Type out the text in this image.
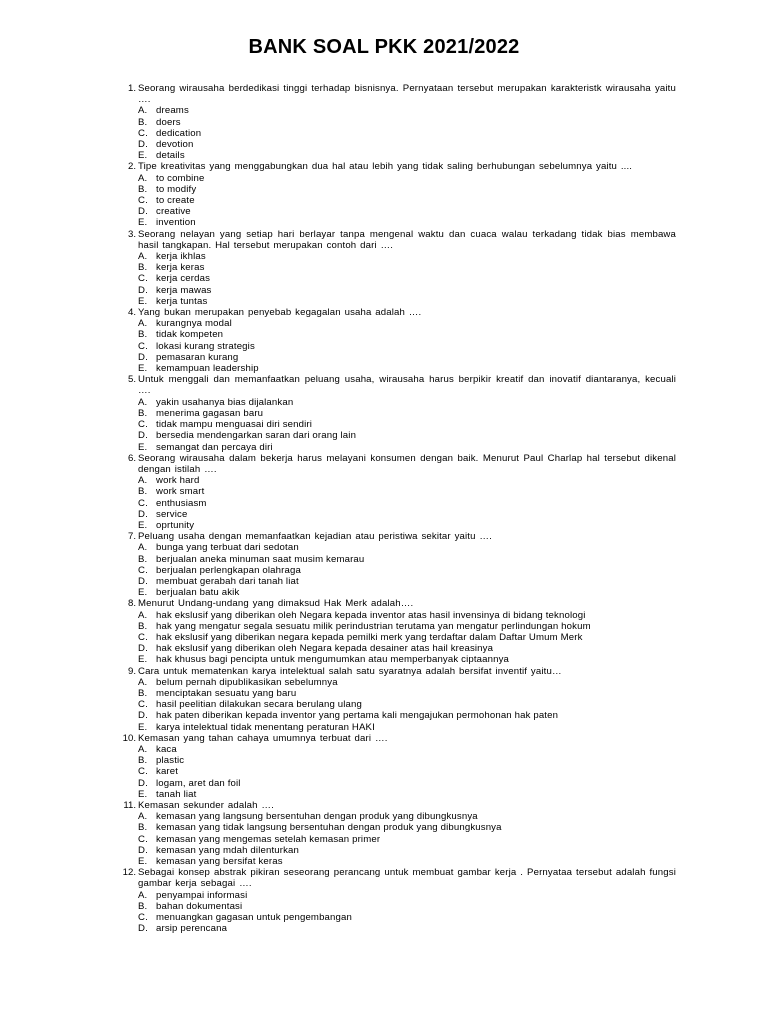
BANK SOAL PKK 2021/2022
1. Seorang wirausaha berdedikasi tinggi terhadap bisnisnya. Pernyataan tersebut merupakan karakteristk wirausaha yaitu ….
A. dreams
B. doers
C. dedication
D. devotion
E. details
2. Tipe kreativitas yang menggabungkan dua hal atau lebih yang tidak saling berhubungan sebelumnya yaitu ....
A. to combine
B. to modify
C. to create
D. creative
E. invention
3. Seorang nelayan yang setiap hari berlayar tanpa mengenal waktu dan cuaca walau terkadang tidak bias membawa hasil tangkapan. Hal tersebut merupakan contoh dari ….
A. kerja ikhlas
B. kerja keras
C. kerja cerdas
D. kerja mawas
E. kerja tuntas
4. Yang bukan merupakan penyebab kegagalan usaha adalah ….
A. kurangnya modal
B. tidak kompeten
C. lokasi kurang strategis
D. pemasaran kurang
E. kemampuan leadership
5. Untuk menggali dan memanfaatkan peluang usaha, wirausaha harus berpikir kreatif dan inovatif diantaranya, kecuali ….
A. yakin usahanya bias dijalankan
B. menerima gagasan baru
C. tidak mampu menguasai diri sendiri
D. bersedia mendengarkan saran dari orang lain
E. semangat dan percaya diri
6. Seorang wirausaha dalam bekerja harus melayani konsumen dengan baik. Menurut Paul Charlap hal tersebut dikenal dengan istilah ….
A. work hard
B. work smart
C. enthusiasm
D. service
E. oprtunity
7. Peluang usaha dengan memanfaatkan kejadian atau peristiwa sekitar yaitu ….
A. bunga yang terbuat dari sedotan
B. berjualan aneka minuman saat musim kemarau
C. berjualan perlengkapan olahraga
D. membuat gerabah dari tanah liat
E. berjualan batu akik
8. Menurut Undang-undang yang dimaksud Hak Merk adalah….
A. hak ekslusif yang diberikan oleh Negara kepada inventor atas hasil invensinya di bidang teknologi
B. hak yang mengatur segala sesuatu milik perindustrian terutama yan mengatur perlindungan hokum
C. hak ekslusif yang diberikan negara kepada pemilki merk yang terdaftar dalam Daftar Umum Merk
D. hak ekslusif yang diberikan oleh Negara kepada desainer atas hail kreasinya
E. hak khusus bagi pencipta untuk mengumumkan atau memperbanyak ciptaannya
9. Cara untuk mematenkan karya intelektual salah satu syaratnya adalah bersifat inventif yaitu…
A. belum pernah dipublikasikan sebelumnya
B. menciptakan sesuatu yang baru
C. hasil peelitian dilakukan secara berulang ulang
D. hak paten diberikan kepada inventor yang pertama kali mengajukan permohonan hak paten
E. karya intelektual tidak menentang peraturan HAKI
10. Kemasan yang tahan cahaya umumnya terbuat dari ….
A. kaca
B. plastic
C. karet
D. logam, aret dan foil
E. tanah liat
11. Kemasan sekunder adalah ….
A. kemasan yang langsung bersentuhan dengan produk yang dibungkusnya
B. kemasan yang tidak langsung bersentuhan dengan produk yang dibungkusnya
C. kemasan yang mengemas setelah kemasan primer
D. kemasan yang mdah dilenturkan
E. kemasan yang bersifat keras
12. Sebagai konsep abstrak pikiran seseorang perancang untuk membuat gambar kerja . Pernyataa tersebut adalah fungsi gambar kerja sebagai ….
A. penyampai informasi
B. bahan dokumentasi
C. menuangkan gagasan untuk pengembangan
D. arsip perencana
